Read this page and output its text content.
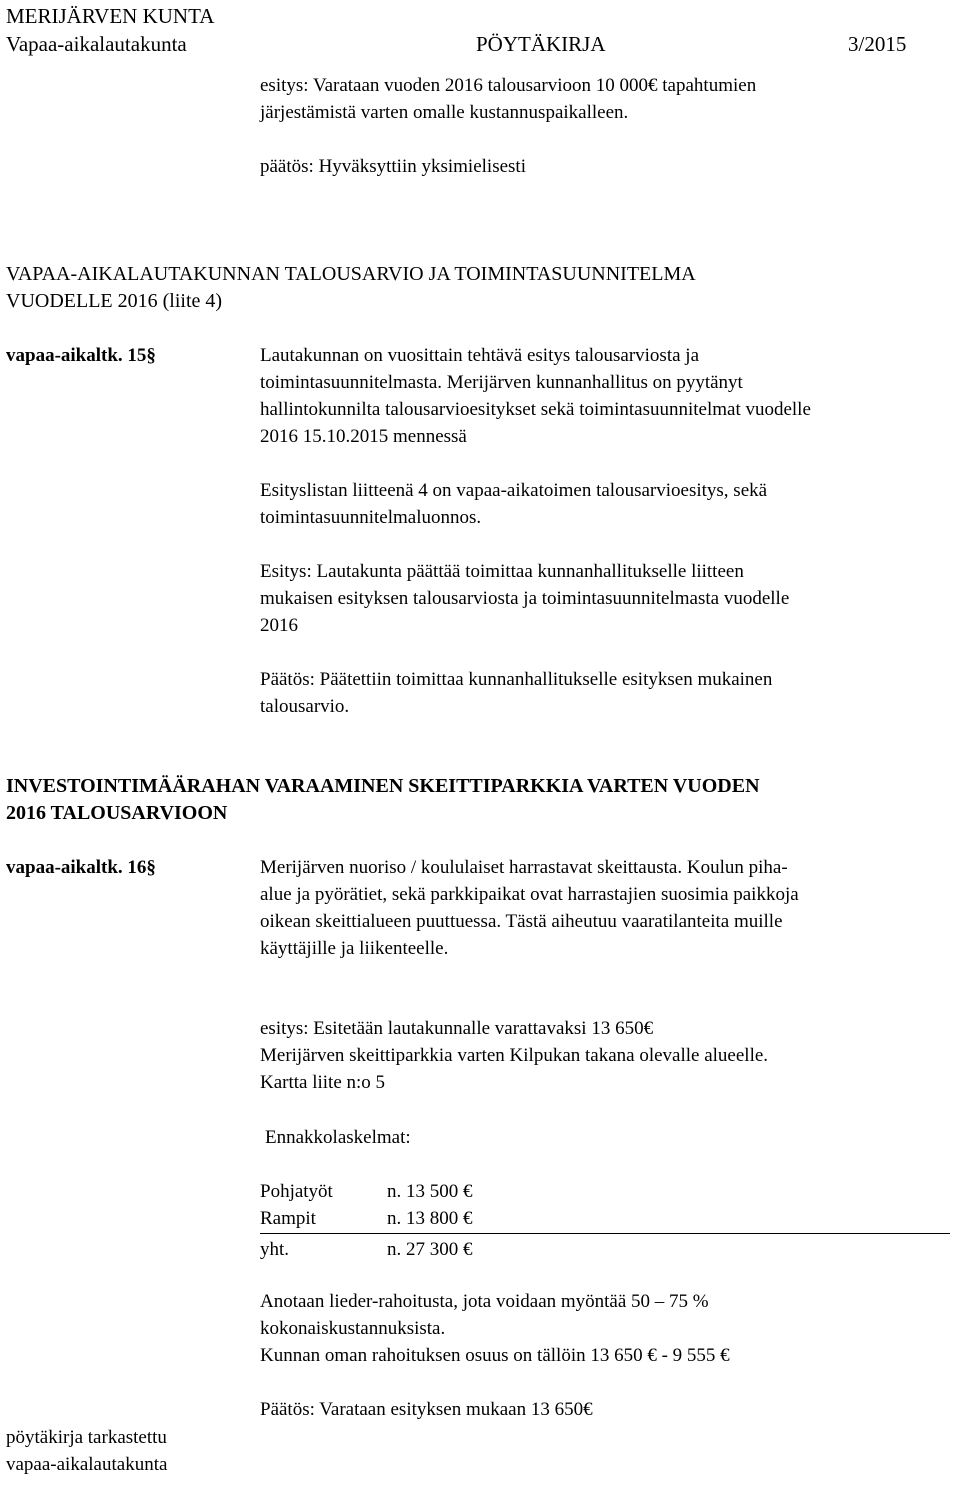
MERIJÄRVEN KUNTA
Vapaa-aikalautakunta	PÖYTÄKIRJA	3/2015
esitys: Varataan vuoden 2016 talousarvioon 10 000€ tapahtumien
järjestämistä varten omalle kustannuspaikalleen.
päätös: Hyväksyttiin yksimielisesti
VAPAA-AIKALAUTAKUNNAN TALOUSARVIO JA TOIMINTASUUNNITELMA
VUODELLE 2016 (liite 4)
vapaa-aikaltk. 15§	Lautakunnan on vuosittain tehtävä esitys talousarviosta ja
toimintasuunnitelmasta. Merijärven kunnanhallitus on pyytänyt
hallintokunnilta talousarvioesitykset sekä toimintasuunnitelmat vuodelle
2016 15.10.2015 mennessä
Esityslistan liitteenä 4 on vapaa-aikatoimen talousarvioesitys, sekä
toimintasuunnitelmaluonnos.
Esitys: Lautakunta päättää toimittaa kunnanhallitukselle liitteen
mukaisen esityksen talousarviosta ja toimintasuunnitelmasta vuodelle
2016
Päätös: Päätettiin toimittaa kunnanhallitukselle esityksen mukainen
talousarvio.
INVESTOINTIMÄÄRAHAN VARAAMINEN SKEITTIPARKKIA VARTEN VUODEN
2016 TALOUSARVIOON
vapaa-aikaltk. 16§	Merijärven nuoriso / koululaiset harrastavat skeittausta. Koulun piha-
alue ja pyörätiet, sekä parkkipaikat ovat harrastajien suosimia paikkoja
oikean skeittialueen puuttuessa. Tästä aiheutuu vaaratilanteita muille
käyttäjille ja liikenteelle.
esitys: Esitetään lautakunnalle varattavaksi 13 650€
Merijärven skeittiparkkia varten Kilpukan takana olevalle alueelle.
Kartta liite n:o 5
Ennakkolaskelmat:
Pohjatyöt	n. 13 500 €
Rampit	n. 13 800 €
yht.	n. 27 300 €
Anotaan lieder-rahoitusta, jota voidaan myöntää 50 – 75 %
kokonaiskustannuksista.
Kunnan oman rahoituksen osuus on tällöin 13 650 € - 9 555 €
Päätös: Varataan esityksen mukaan 13 650€
pöytäkirja tarkastettu
vapaa-aikalautakunta
